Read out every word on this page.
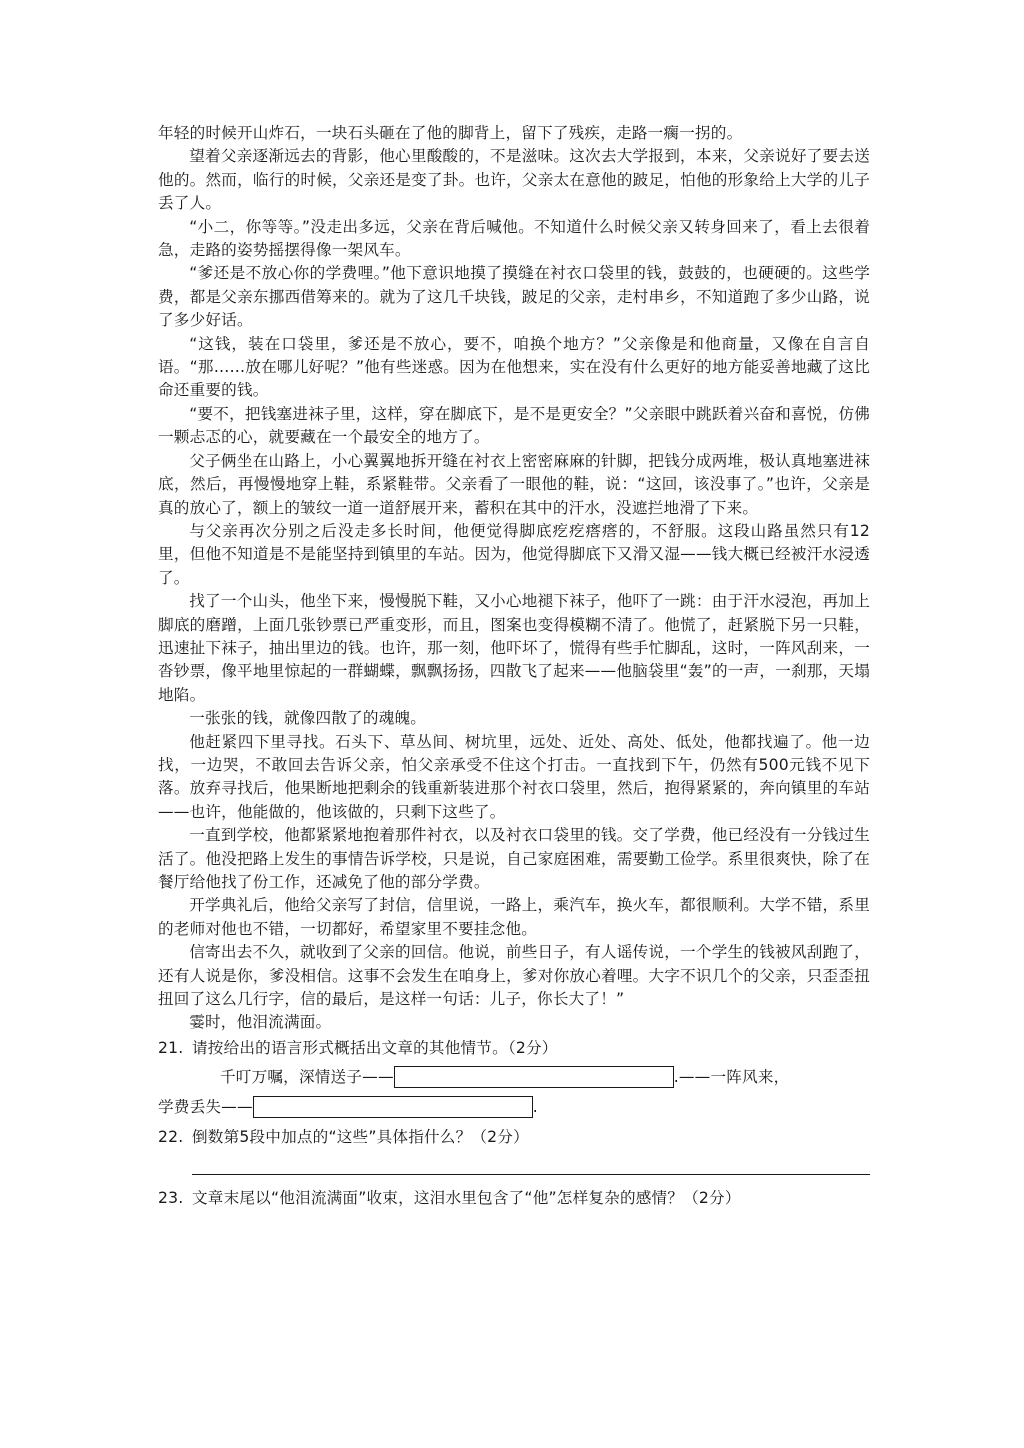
年轻的时候开山炸石，一块石头砸在了他的脚背上，留下了残疾，走路一瘸一拐的。

望着父亲逐渐远去的背影，他心里酸酸的，不是滋味。这次去大学报到，本来，父亲说好了要去送他的。然而，临行的时候，父亲还是变了卦。也许，父亲太在意他的跛足，怕他的形象给上大学的儿子丢了人。

“小二，你等等。”没走出多远，父亲在背后喊他。不知道什么时候父亲又转身回来了，看上去很着急，走路的姿势摇摆得像一架风车。

“爹还是不放心你的学费哩。”他下意识地摸了摸缝在衬衣口袋里的钱，鼓鼓的，也硬硬的。这些学费，都是父亲东挪西借筹来的。就为了这几千块钱，跛足的父亲，走村串乡，不知道跑了多少山路，说了多少好话。

“这钱，装在口袋里，爹还是不放心，要不，咱换个地方？”父亲像是和他商量，又像在自言自语。“那……放在哪儿好呢？”他有些迷惑。因为在他想来，实在没有什么更好的地方能妥善地藏了这比命还重要的钱。

“要不，把钱塞进袜子里，这样，穿在脚底下，是不是更安全？”父亲眼中跳跃着兴奋和喜悦，仿佛一颗忐忑的心，就要藏在一个最安全的地方了。

父子俩坐在山路上，小心翼翼地拆开缝在衬衣上密密麻麻的针脚，把钱分成两堆，极认真地塞进袜底，然后，再慢慢地穿上鞋，系紧鞋带。父亲看了一眼他的鞋，说：“这回，该没事了。”也许，父亲是真的放心了，额上的皱纹一道一道舒展开来，蓄积在其中的汗水，没遮拦地滑了下来。

与父亲再次分别之后没走多长时间，他便觉得脚底疙疙瘩瘩的，不舒服。这段山路虽然只有12里，但他不知道是不是能坚持到镇里的车站。因为，他觉得脚底下又滑又湿——钱大概已经被汗水浸透了。

找了一个山头，他坐下来，慢慢脱下鞋，又小心地褪下袜子，他吓了一跳：由于汗水浸泡，再加上脚底的磨蹭，上面几张钞票已严重变形，而且，图案也变得模糊不清了。他慌了，赶紧脱下另一只鞋，迅速扯下袜子，抽出里边的钱。也许，那一刻，他吓坏了，慌得有些手忙脚乱，这时，一阵风刮来，一沓钞票，像平地里惊起的一群蝴蝶，飘飘扬扬，四散飞了起来——他脑袋里“轰”的一声，一刹那，天塌地陷。

一张张的钱，就像四散了的魂魄。

他赶紧四下里寻找。石头下、草丛间、树坑里，远处、近处、高处、低处，他都找遍了。他一边找，一边哭，不敢回去告诉父亲，怕父亲承受不住这个打击。一直找到下午，仍然有500元钱不见下落。放弃寻找后，他果断地把剩余的钱重新装进那个衬衣口袋里，然后，抱得紧紧的，奔向镇里的车站——也许，他能做的，他该做的，只剩下这些了。

一直到学校，他都紧紧地抱着那件衬衣，以及衬衣口袋里的钱。交了学费，他已经没有一分钱过生活了。他没把路上发生的事情告诉学校，只是说，自己家庭困难，需要勤工俭学。系里很爽快，除了在餐厅给他找了份工作，还减免了他的部分学费。

开学典礼后，他给父亲写了封信，信里说，一路上，乘汽车，换火车，都很顺利。大学不错，系里的老师对他也不错，一切都好，希望家里不要挂念他。

信寄出去不久，就收到了父亲的回信。他说，前些日子，有人谣传说，一个学生的钱被风刮跑了，还有人说是你，爹没相信。这事不会发生在咱身上，爹对你放心着哩。大字不识几个的父亲，只歪歪扭扭回了这么几行字，信的最后，是这样一句话：儿子，你长大了！”

霎时，他泪流满面。

21. 请按给出的语言形式概括出文章的其他情节。（2分）

千叮万嘱，深情送子——	.—— 一阵风来，
学费丢失——	.

22. 倒数第5段中加点的“这些”具体指什么？（2分）

23. 文章末尾以“他泪流满面”收束，这泪水里包含了“他”怎样复杂的感情？（2分）
